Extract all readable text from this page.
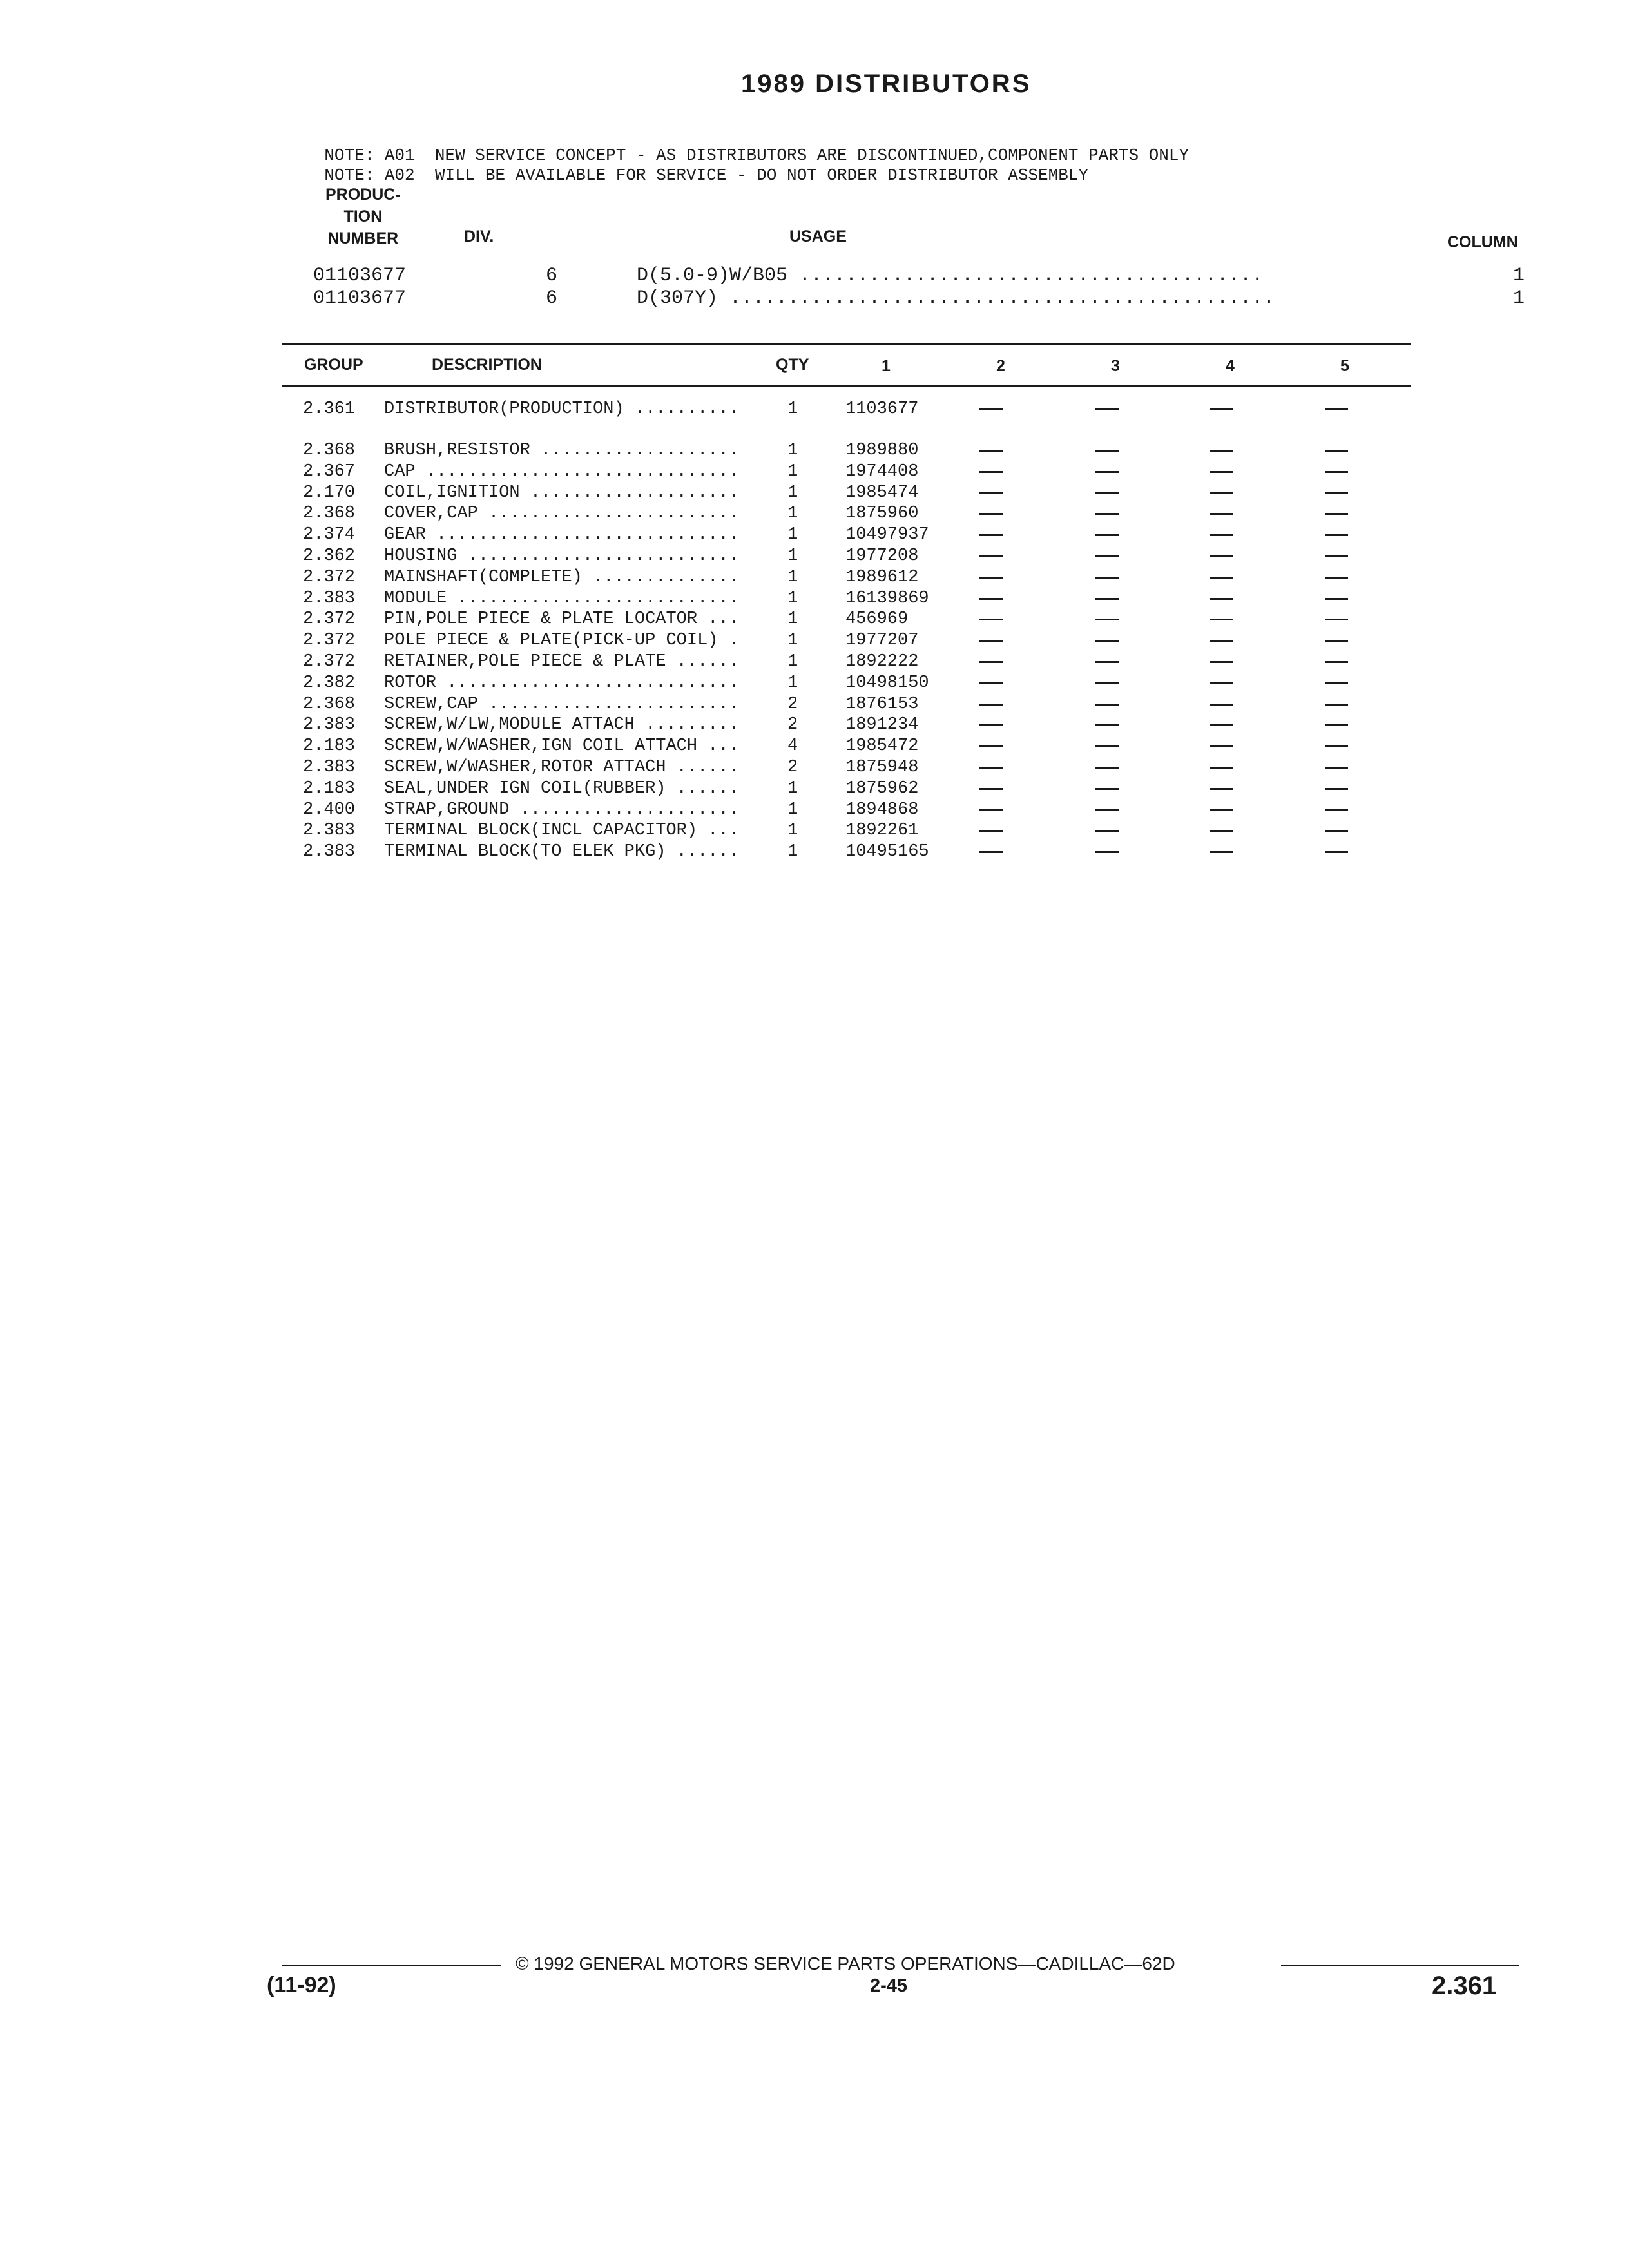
1989 DISTRIBUTORS

NOTE: A01 NEW SERVICE CONCEPT - AS DISTRIBUTORS ARE DISCONTINUED,COMPONENT PARTS ONLY

NOTE: A02 WILL BE AVAILABLE FOR SERVICE - DO NOT ORDER DISTRIBUTOR ASSEMBLY

PRODUC-
TION
NUMBER	DIV.	USAGE	COLUMN
01103677	6	D(5.0-9)W/B05 ........................................	1
01103677	6	D(307Y) ...............................................	1
GROUP	DESCRIPTION	QTY	1	2	3	4	5
2.361 DISTRIBUTOR(PRODUCTION) ..........	1	1103677
2.368 BRUSH,RESISTOR ...................	1	1989880
2.367 CAP ..............................	1	1974408
2.170 COIL,IGNITION ....................	1	1985474
2.368 COVER,CAP ........................	1	1875960
2.374 GEAR .............................	1	10497937
2.362 HOUSING ..........................	1	1977208
2.372 MAINSHAFT(COMPLETE) ..............	1	1989612
2.383 MODULE ...........................	1	16139869
2.372 PIN,POLE PIECE & PLATE LOCATOR ...	1	456969
2.372 POLE PIECE & PLATE(PICK-UP COIL) .	1	1977207
2.372 RETAINER,POLE PIECE & PLATE ......	1	1892222
2.382 ROTOR ............................	1	10498150
2.368 SCREW,CAP ........................	2	1876153
2.383 SCREW,W/LW,MODULE ATTACH .........	2	1891234
2.183 SCREW,W/WASHER,IGN COIL ATTACH ...	4	1985472
2.383 SCREW,W/WASHER,ROTOR ATTACH ......	2	1875948
2.183 SEAL,UNDER IGN COIL(RUBBER) ......	1	1875962
2.400 STRAP,GROUND .....................	1	1894868
2.383 TERMINAL BLOCK(INCL CAPACITOR) ...	1	1892261
2.383 TERMINAL BLOCK(TO ELEK PKG) ......	1	10495165
© 1992 GENERAL MOTORS SERVICE PARTS OPERATIONS—CADILLAC—62D
(11-92)	2-45	2.361
